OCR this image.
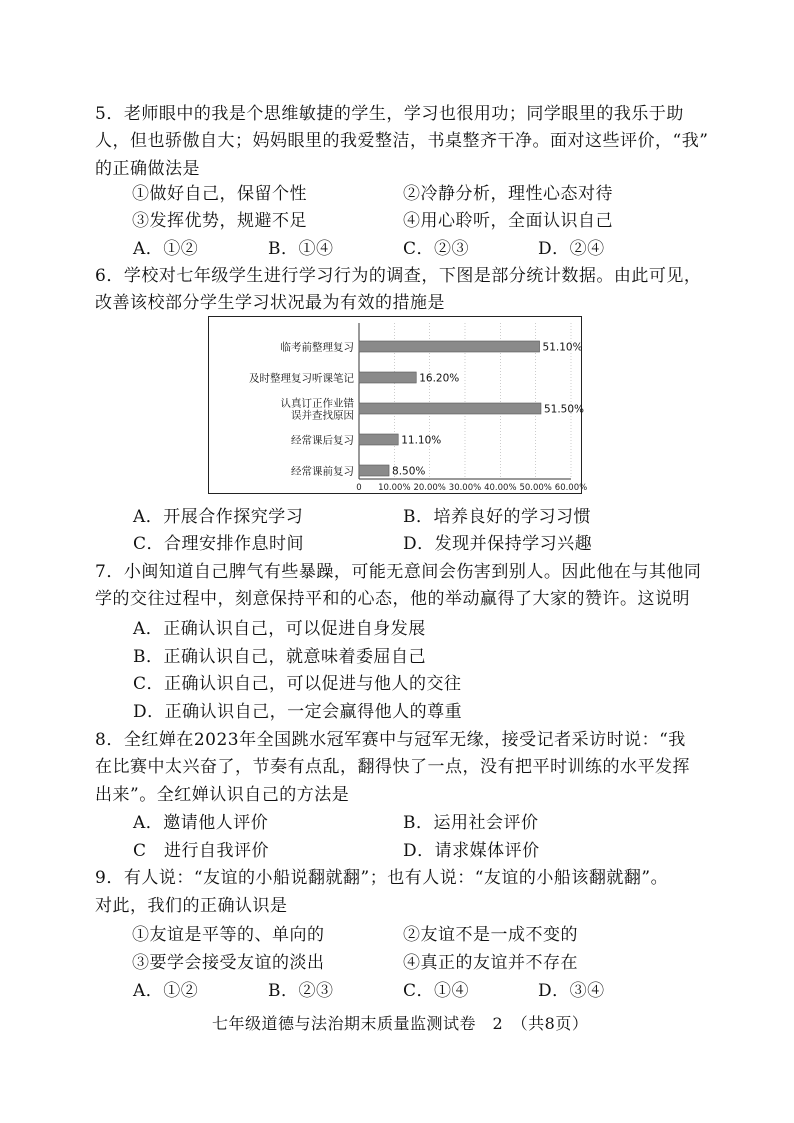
5．老师眼中的我是个思维敏捷的学生，学习也很用功；同学眼里的我乐于助
人，但也骄傲自大；妈妈眼里的我爱整洁，书桌整齐干净。面对这些评价，“我”
的正确做法是
①做好自己，保留个性	②冷静分析，理性心态对待
③发挥优势，规避不足	④用心聆听，全面认识自己
A．①②	B．①④	C．②③	D．②④
6．学校对七年级学生进行学习行为的调查，下图是部分统计数据。由此可见，
改善该校部分学生学习状况最为有效的措施是
0 10.00% 20.00% 30.00% 40.00% 50.00% 60.00%
临考前整理复习	51.10%
及时整理复习听课笔记	16.20%
认真订正作业错
误并查找原因	51.50%
经常课后复习	11.10%
经常课前复习	8.50%
A．开展合作探究学习	B．培养良好的学习习惯
C．合理安排作息时间	D．发现并保持学习兴趣
7．小闽知道自己脾气有些暴躁，可能无意间会伤害到别人。因此他在与其他同
学的交往过程中，刻意保持平和的心态，他的举动赢得了大家的赞许。这说明
A．正确认识自己，可以促进自身发展
B．正确认识自己，就意味着委屈自己
C．正确认识自己，可以促进与他人的交往
D．正确认识自己，一定会赢得他人的尊重
8．全红婵在2023年全国跳水冠军赛中与冠军无缘，接受记者采访时说：“我
在比赛中太兴奋了，节奏有点乱，翻得快了一点，没有把平时训练的水平发挥
出来”。全红婵认识自己的方法是
A．邀请他人评价	B．运用社会评价
C　进行自我评价	D．请求媒体评价
9．有人说：“友谊的小船说翻就翻”；也有人说：“友谊的小船该翻就翻”。
对此，我们的正确认识是
①友谊是平等的、单向的	②友谊不是一成不变的
③要学会接受友谊的淡出	④真正的友谊并不存在
A．①②	B．②③	C．①④	D．③④
七年级道德与法治期末质量监测试卷　2　（共8页）
